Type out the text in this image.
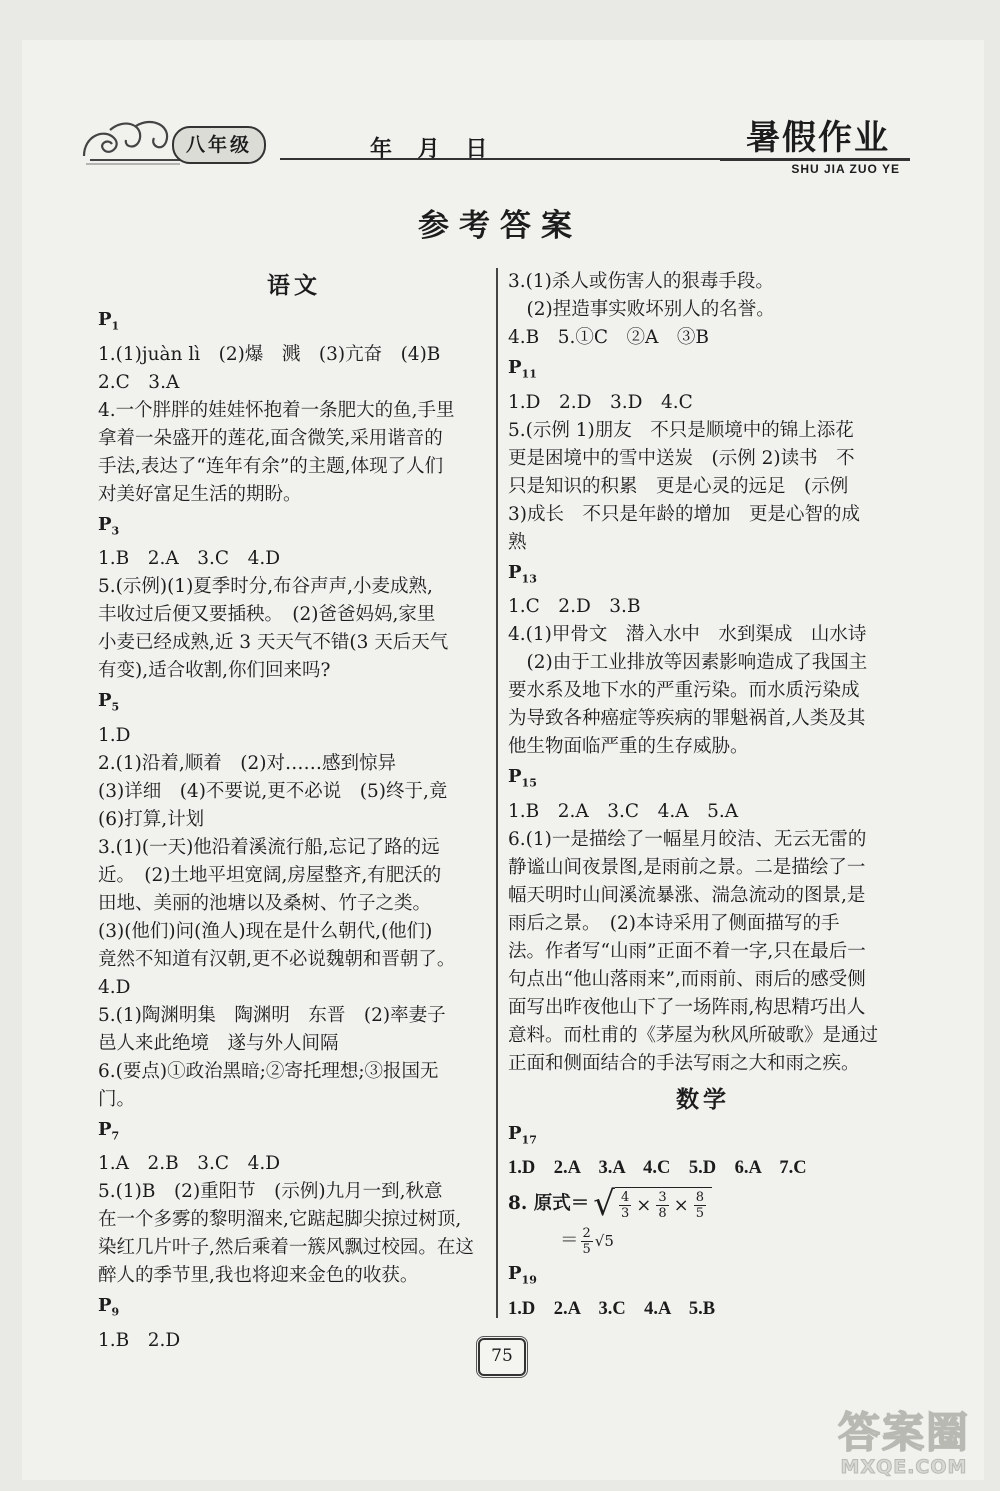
八年级	年 月 日	暑假作业
SHU JIA ZUO YE
参考答案
语文
$P_1$
1.(1)juàn lì　(2)爆　溅　(3)亢奋　(4)B
2.C　3.A
4.一个胖胖的娃娃怀抱着一条肥大的鱼,手里
拿着一朵盛开的莲花,面含微笑,采用谐音的
手法,表达了“连年有余”的主题,体现了人们
对美好富足生活的期盼。
$P_3$
1.B　2.A　3.C　4.D
5.(示例)(1)夏季时分,布谷声声,小麦成熟,
丰收过后便又要插秧。　(2)爸爸妈妈,家里
小麦已经成熟,近 3 天天气不错(3 天后天气
有变),适合收割,你们回来吗?
$P_5$
1.D
2.(1)沿着,顺着　(2)对……感到惊异
(3)详细　(4)不要说,更不必说　(5)终于,竟
(6)打算,计划
3.(1)(一天)他沿着溪流行船,忘记了路的远
近。　(2)土地平坦宽阔,房屋整齐,有肥沃的
田地、美丽的池塘以及桑树、竹子之类。
(3)(他们)问(渔人)现在是什么朝代,(他们)
竟然不知道有汉朝,更不必说魏朝和晋朝了。
4.D
5.(1)陶渊明集　陶渊明　东晋　(2)率妻子
邑人来此绝境　遂与外人间隔
6.(要点)①政治黑暗;②寄托理想;③报国无
门。
$P_7$
1.A　2.B　3.C　4.D
5.(1)B　(2)重阳节　(示例)九月一到,秋意
在一个多雾的黎明溜来,它踮起脚尖掠过树顶,
染红几片叶子,然后乘着一簇风飘过校园。在这
醉人的季节里,我也将迎来金色的收获。
$P_9$
1.B　2.D
3.(1)杀人或伤害人的狠毒手段。
　(2)捏造事实败坏别人的名誉。
4.B　5.①C　②A　③B
$P_{11}$
1.D　2.D　3.D　4.C
5.(示例 1)朋友　不只是顺境中的锦上添花
更是困境中的雪中送炭　(示例 2)读书　不
只是知识的积累　更是心灵的远足　(示例
3)成长　不只是年龄的增加　更是心智的成
熟
$P_{13}$
1.C　2.D　3.B
4.(1)甲骨文　潜入水中　水到渠成　山水诗
　(2)由于工业排放等因素影响造成了我国主
要水系及地下水的严重污染。而水质污染成
为导致各种癌症等疾病的罪魁祸首,人类及其
他生物面临严重的生存威胁。
$P_{15}$
1.B　2.A　3.C　4.A　5.A
6.(1)一是描绘了一幅星月皎洁、无云无雷的
静谧山间夜景图,是雨前之景。二是描绘了一
幅天明时山间溪流暴涨、湍急流动的图景,是
雨后之景。　(2)本诗采用了侧面描写的手
法。作者写“山雨”正面不着一字,只在最后一
句点出“他山落雨来”,而雨前、雨后的感受侧
面写出昨夜他山下了一场阵雨,构思精巧出人
意料。而杜甫的《茅屋为秋风所破歌》是通过
正面和侧面结合的手法写雨之大和雨之疾。
数学
$P_{17}$
1.D　2.A　3.A　4.C　5.D　6.A　7.C
8. 原式＝ √ $\frac{4}{3} \times \frac{3}{8} \times \frac{8}{5}$
＝ $\frac{2}{5} √5$
$P_{19}$
1.D　2.A　3.C　4.A　5.B
75
答案圈
MXQE.COM
